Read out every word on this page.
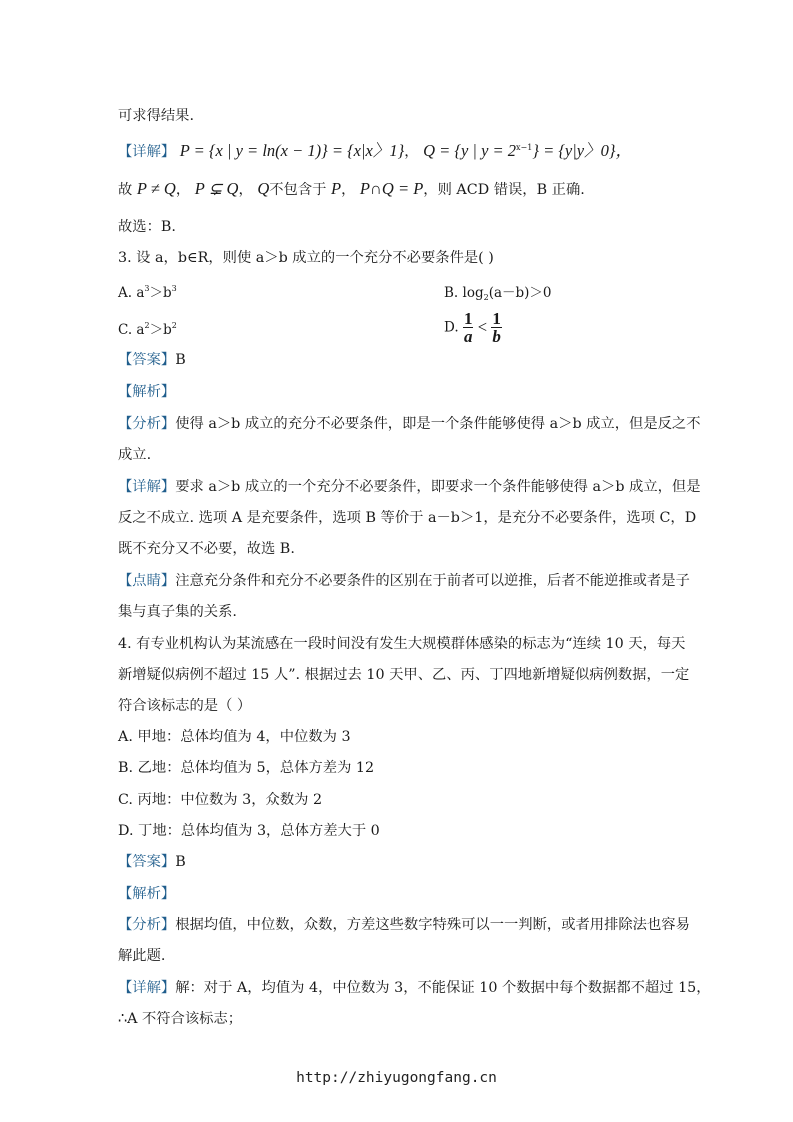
可求得结果.
【详解】 P = {x | y = ln(x − 1)} = {x|x〉1}， Q = {y | $y = 2^{x-1}\} = \{y|y$〉0}，
故 P ≠ Q， P ⊊ Q， Q不包含于 P， P∩Q = P，则 ACD 错误，B 正确.
故选：B.
3. 设 a，b∈R，则使 a＞b 成立的一个充分不必要条件是( )
A. $a^3>b^3$	B. $\log_2(a-b)>0$
C. $a^2>b^2$	D. $\frac{1}{a} < \frac{1}{b}$
【答案】B
【解析】
【分析】使得 a＞b 成立的充分不必要条件，即是一个条件能够使得 a＞b 成立，但是反之不
成立.
【详解】要求 a＞b 成立的一个充分不必要条件，即要求一个条件能够使得 a＞b 成立，但是
反之不成立. 选项 A 是充要条件，选项 B 等价于 a－b＞1，是充分不必要条件，选项 C，D
既不充分又不必要，故选 B.
【点睛】注意充分条件和充分不必要条件的区别在于前者可以逆推，后者不能逆推或者是子
集与真子集的关系.
4. 有专业机构认为某流感在一段时间没有发生大规模群体感染的标志为“连续 10 天，每天
新增疑似病例不超过 15 人”. 根据过去 10 天甲、乙、丙、丁四地新增疑似病例数据，一定
符合该标志的是（ ）
A. 甲地：总体均值为 4，中位数为 3
B. 乙地：总体均值为 5，总体方差为 12
C. 丙地：中位数为 3，众数为 2
D. 丁地：总体均值为 3，总体方差大于 0
【答案】B
【解析】
【分析】根据均值，中位数，众数，方差这些数字特殊可以一一判断，或者用排除法也容易
解此题.
【详解】解：对于 A，均值为 4，中位数为 3，不能保证 10 个数据中每个数据都不超过 15，
∴A 不符合该标志；
http://zhiyugongfang.cn
